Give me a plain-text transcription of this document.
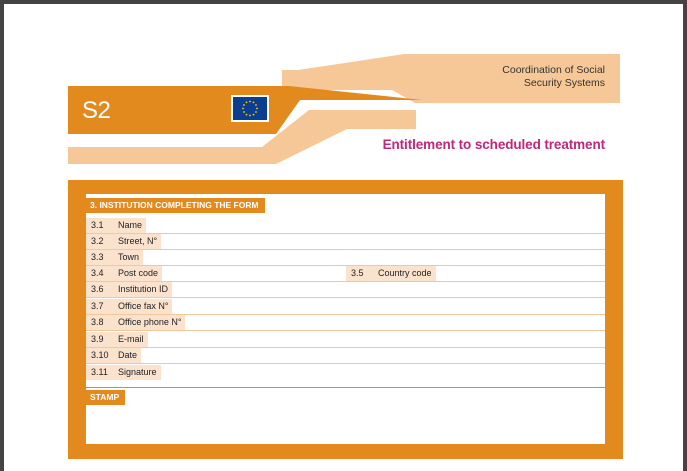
S2
Coordination of Social
Security Systems
Entitlement to scheduled treatment
3. INSTITUTION COMPLETING THE FORM
3.1 Name
3.2 Street, N°
3.3 Town
3.4 Post code	3.5 Country code
3.6 Institution ID
3.7 Office fax N°
3.8 Office phone N°
3.9 E-mail
3.10 Date
3.11 Signature
STAMP
